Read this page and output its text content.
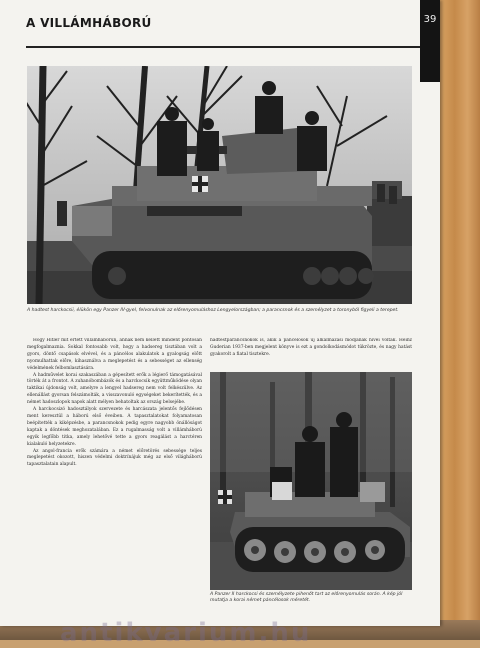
A VILLÁMHÁBORÚ	39
A hadtest harckocsii, élükön egy Panzer IV-gyel, felvonulnak az előrenyomuláshoz Lengyelországban; a parancsnok és a személyzet a toronyból figyeli a terepet.

Hogy Hitler mit értett villámháborún, annak nem kellett mindent pontosan megfogalmaznia. Sokkal fontosabb volt, hogy a hadsereg tisztában volt a gyors, döntő csapások elvével, és a páncélos alakulatok a gyalogság előtt nyomulhattak előre, kihasználva a meglepetést és a sebességet az ellenség védelmének felbomlasztására.

A hadművelet korai szakaszában a gépesített erők a légierő támogatásával törték át a frontot. A zuhanóbombázók és a harckocsik együttműködése olyan taktikai újdonság volt, amelyre a lengyel hadsereg nem volt felkészülve. Az ellenállást gyorsan felszámolták, a visszavonuló egységeket bekerítették, és a német hadoszlopok napok alatt mélyen behatoltak az ország belsejébe.

A harckocsizó hadosztályok szervezete és harcászata jelentős fejlődésen ment keresztül a háború első éveiben. A tapasztalatokat folyamatosan beépítették a kiképzésbe, a parancsnokok pedig egyre nagyobb önállóságot kaptak a döntések meghozatalában. Ez a rugalmasság volt a villámháború egyik legfőbb titka, amely lehetővé tette a gyors reagálást a harctéren kialakuló helyzetekre.

Az angol-francia erők számára a német előretörés sebessége teljes meglepetést okozott, hiszen védelmi doktrínájuk még az első világháború tapasztalatain alapult.

hadtestparancsnokok is, akik a páncélosok új alkalmazási módjának hívei voltak. Heinz Guderian 1937-ben megjelent könyve is ezt a gondolkodásmódot tükrözte, és nagy hatást gyakorolt a fiatal tisztekre.

A Panzer II harckocsi és személyzete pihenőt tart az előrenyomulás során. A kép jól mutatja a korai német páncélosok méretét.
antikvarium.hu
